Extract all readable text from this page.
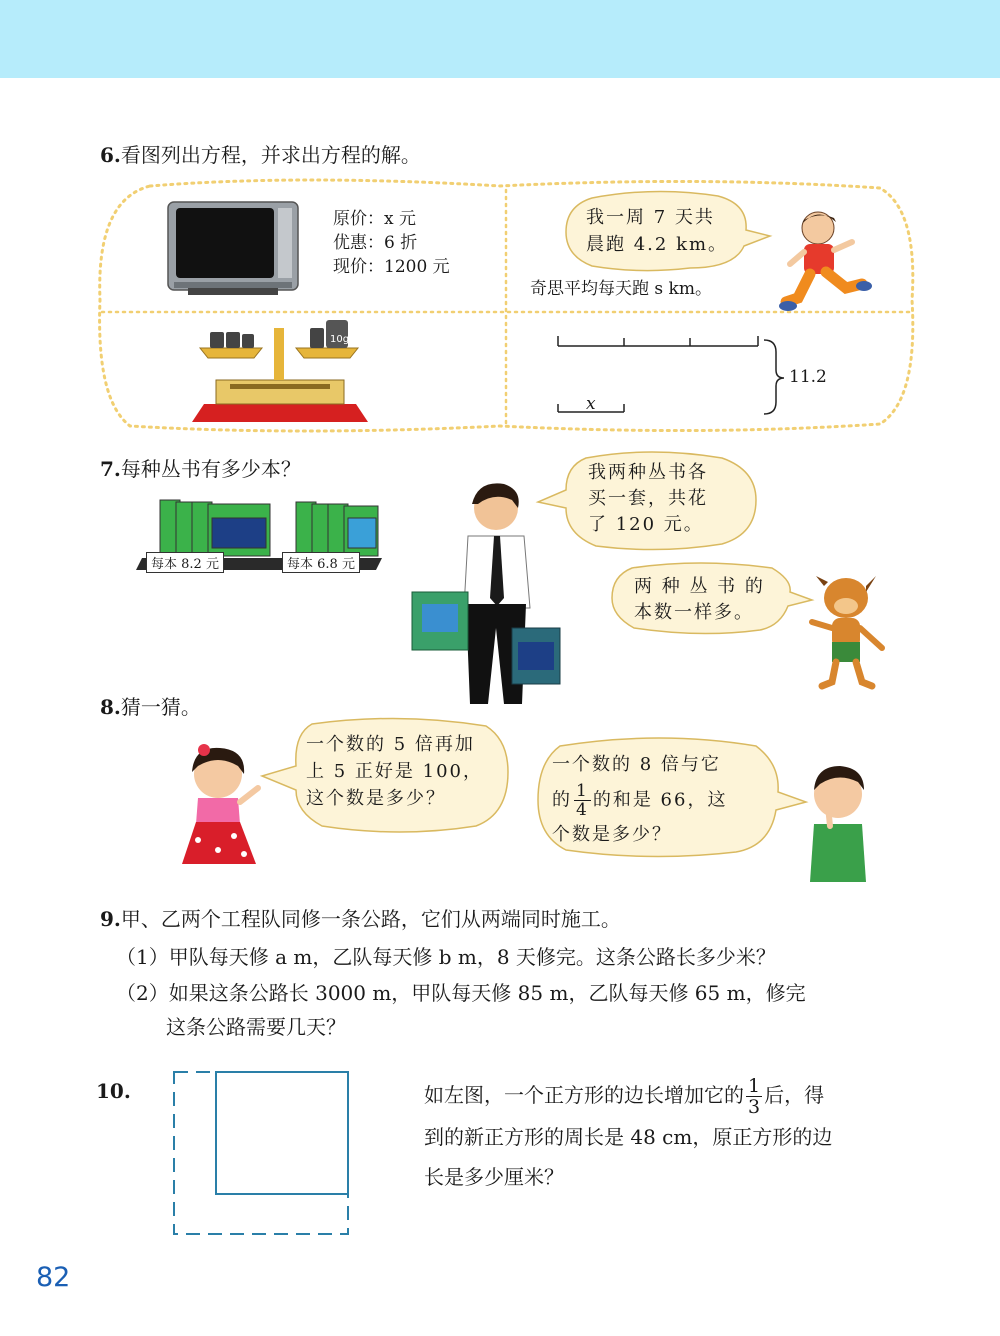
6.看图列出方程，并求出方程的解。
原价：x 元
优惠：6 折
现价：1200 元
我一周 7 天共
晨跑 4.2 km。
奇思平均每天跑 s km。
10g
11.2
x
7.每种丛书有多少本？
每本 8.2 元	每本 6.8 元
我两种丛书各
买一套，共花
了 120 元。
两 种 丛 书 的
本数一样多。
8.猜一猜。
一个数的 5 倍再加
上 5 正好是 100，
这个数是多少？
一个数的 8 倍与它
的 $\frac{1}{4}$ 的和是 66，这
个数是多少？
9.甲、乙两个工程队同修一条公路，它们从两端同时施工。
（1）甲队每天修 a m，乙队每天修 b m，8 天修完。这条公路长多少米？
（2）如果这条公路长 3000 m，甲队每天修 85 m，乙队每天修 65 m，修完
这条公路需要几天？
10.	如左图，一个正方形的边长增加它的 $\frac{1}{3}$ 后，得
到的新正方形的周长是 48 cm，原正方形的边
长是多少厘米？
82
